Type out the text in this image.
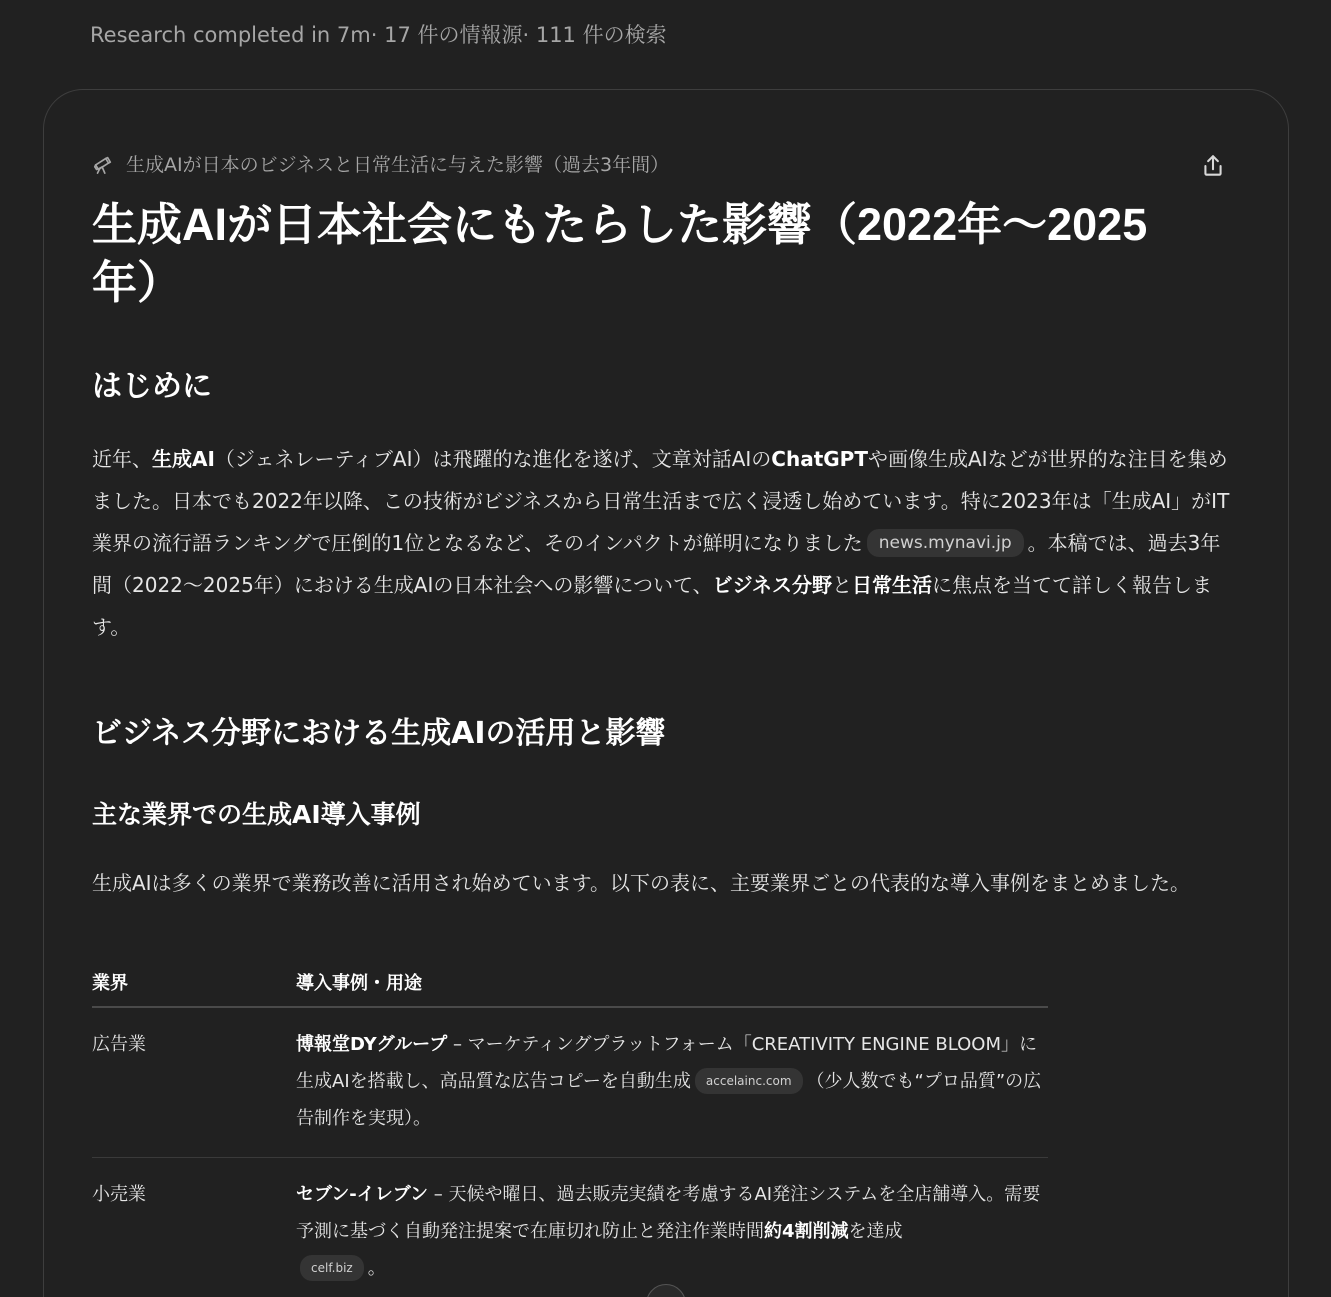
Research completed in 7m· 17 件の情報源· 111 件の検索
生成AIが日本のビジネスと日常生活に与えた影響（過去3年間）
生成AIが日本社会にもたらした影響（2022年～2025年）
はじめに
近年、生成AI（ジェネレーティブAI）は飛躍的な進化を遂げ、文章対話AIのChatGPTや画像生成AIなどが世界的な注目を集めました。日本でも2022年以降、この技術がビジネスから日常生活まで広く浸透し始めています。特に2023年は「生成AI」がIT業界の流行語ランキングで圧倒的1位となるなど、そのインパクトが鮮明になりました news.mynavi.jp 。本稿では、過去3年間（2022～2025年）における生成AIの日本社会への影響について、ビジネス分野と日常生活に焦点を当てて詳しく報告します。
ビジネス分野における生成AIの活用と影響
主な業界での生成AI導入事例
生成AIは多くの業界で業務改善に活用され始めています。以下の表に、主要業界ごとの代表的な導入事例をまとめました。
業界	導入事例・用途
広告業	博報堂DYグループ – マーケティングプラットフォーム「CREATIVITY ENGINE BLOOM」に生成AIを搭載し、高品質な広告コピーを自動生成 accelainc.com （少人数でも“プロ品質”の広告制作を実現）。
小売業	セブン-イレブン – 天候や曜日、過去販売実績を考慮するAI発注システムを全店舗導入。需要予測に基づく自動発注提案で在庫切れ防止と発注作業時間約4割削減を達成
celf.biz 。
